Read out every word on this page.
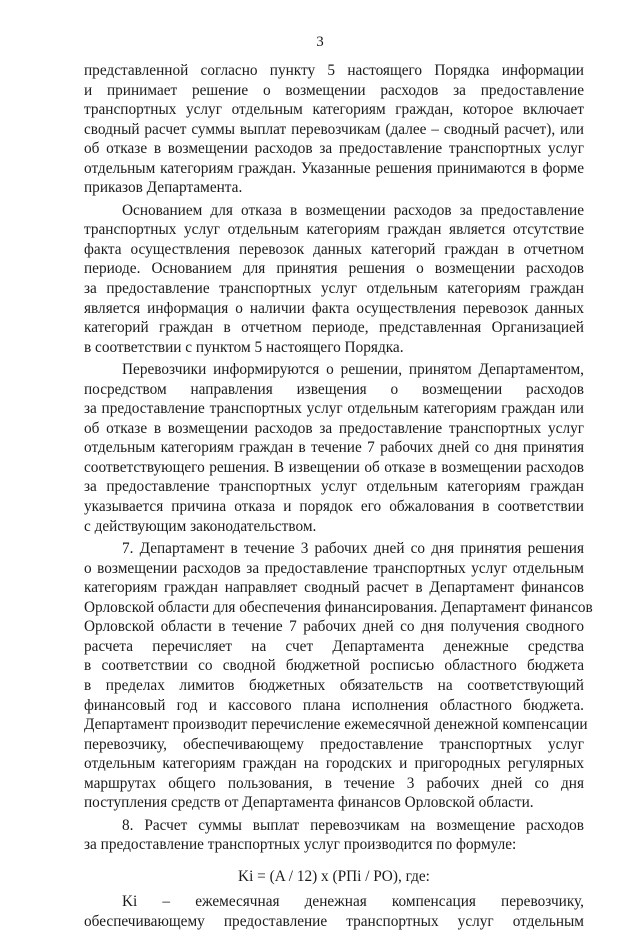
3
представленной согласно пункту 5 настоящего Порядка информации
и принимает решение о возмещении расходов за предоставление
транспортных услуг отдельным категориям граждан, которое включает
сводный расчет суммы выплат перевозчикам (далее – сводный расчет), или
об отказе в возмещении расходов за предоставление транспортных услуг
отдельным категориям граждан. Указанные решения принимаются в форме
приказов Департамента.
Основанием для отказа в возмещении расходов за предоставление
транспортных услуг отдельным категориям граждан является отсутствие
факта осуществления перевозок данных категорий граждан в отчетном
периоде. Основанием для принятия решения о возмещении расходов
за предоставление транспортных услуг отдельным категориям граждан
является информация о наличии факта осуществления перевозок данных
категорий граждан в отчетном периоде, представленная Организацией
в соответствии с пунктом 5 настоящего Порядка.
Перевозчики информируются о решении, принятом Департаментом,
посредством направления извещения о возмещении расходов
за предоставление транспортных услуг отдельным категориям граждан или
об отказе в возмещении расходов за предоставление транспортных услуг
отдельным категориям граждан в течение 7 рабочих дней со дня принятия
соответствующего решения. В извещении об отказе в возмещении расходов
за предоставление транспортных услуг отдельным категориям граждан
указывается причина отказа и порядок его обжалования в соответствии
с действующим законодательством.
7. Департамент в течение 3 рабочих дней со дня принятия решения
о возмещении расходов за предоставление транспортных услуг отдельным
категориям граждан направляет сводный расчет в Департамент финансов
Орловской области для обеспечения финансирования. Департамент финансов
Орловской области в течение 7 рабочих дней со дня получения сводного
расчета перечисляет на счет Департамента денежные средства
в соответствии со сводной бюджетной росписью областного бюджета
в пределах лимитов бюджетных обязательств на соответствующий
финансовый год и кассового плана исполнения областного бюджета.
Департамент производит перечисление ежемесячной денежной компенсации
перевозчику, обеспечивающему предоставление транспортных услуг
отдельным категориям граждан на городских и пригородных регулярных
маршрутах общего пользования, в течение 3 рабочих дней со дня
поступления средств от Департамента финансов Орловской области.
8. Расчет суммы выплат перевозчикам на возмещение расходов
за предоставление транспортных услуг производится по формуле:
Ki = (A / 12) x (PПi / PO), где:
Ki – ежемесячная денежная компенсация перевозчику,
обеспечивающему предоставление транспортных услуг отдельным
